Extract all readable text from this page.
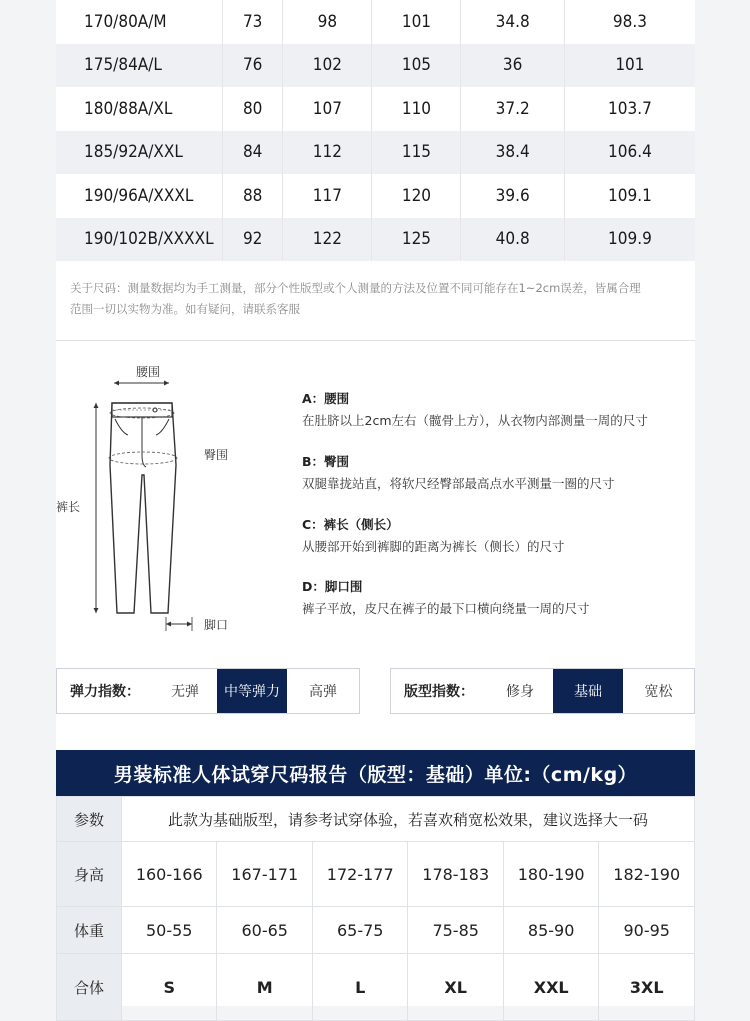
170/80A/M	73	98	101	34.8	98.3
175/84A/L	76	102	105	36	101
180/88A/XL	80	107	110	37.2	103.7
185/92A/XXL	84	112	115	38.4	106.4
190/96A/XXXL	88	117	120	39.6	109.1
190/102B/XXXXL	92	122	125	40.8	109.9
关于尺码：测量数据均为手工测量，部分个性版型或个人测量的方法及位置不同可能存在1~2cm误差，皆属合理
范围一切以实物为准。如有疑问，请联系客服
腰围
臀围
裤长
脚口
A：腰围
在肚脐以上2cm左右（髋骨上方），从衣物内部测量一周的尺寸
B：臀围
双腿靠拢站直，将软尺经臀部最高点水平测量一圈的尺寸
C：裤长（侧长）
从腰部开始到裤脚的距离为裤长（侧长）的尺寸
D：脚口围
裤子平放，皮尺在裤子的最下口横向绕量一周的尺寸
弹力指数：	无弹	中等弹力	高弹	版型指数：	修身	基础	宽松
男装标准人体试穿尺码报告（版型：基础）单位:（cm/kg）
参数	此款为基础版型，请参考试穿体验，若喜欢稍宽松效果，建议选择大一码					
身高	160-166	167-171	172-177	178-183	180-190	182-190
体重	50-55	60-65	65-75	75-85	85-90	90-95
合体	S	M	L	XL	XXL	3XL
